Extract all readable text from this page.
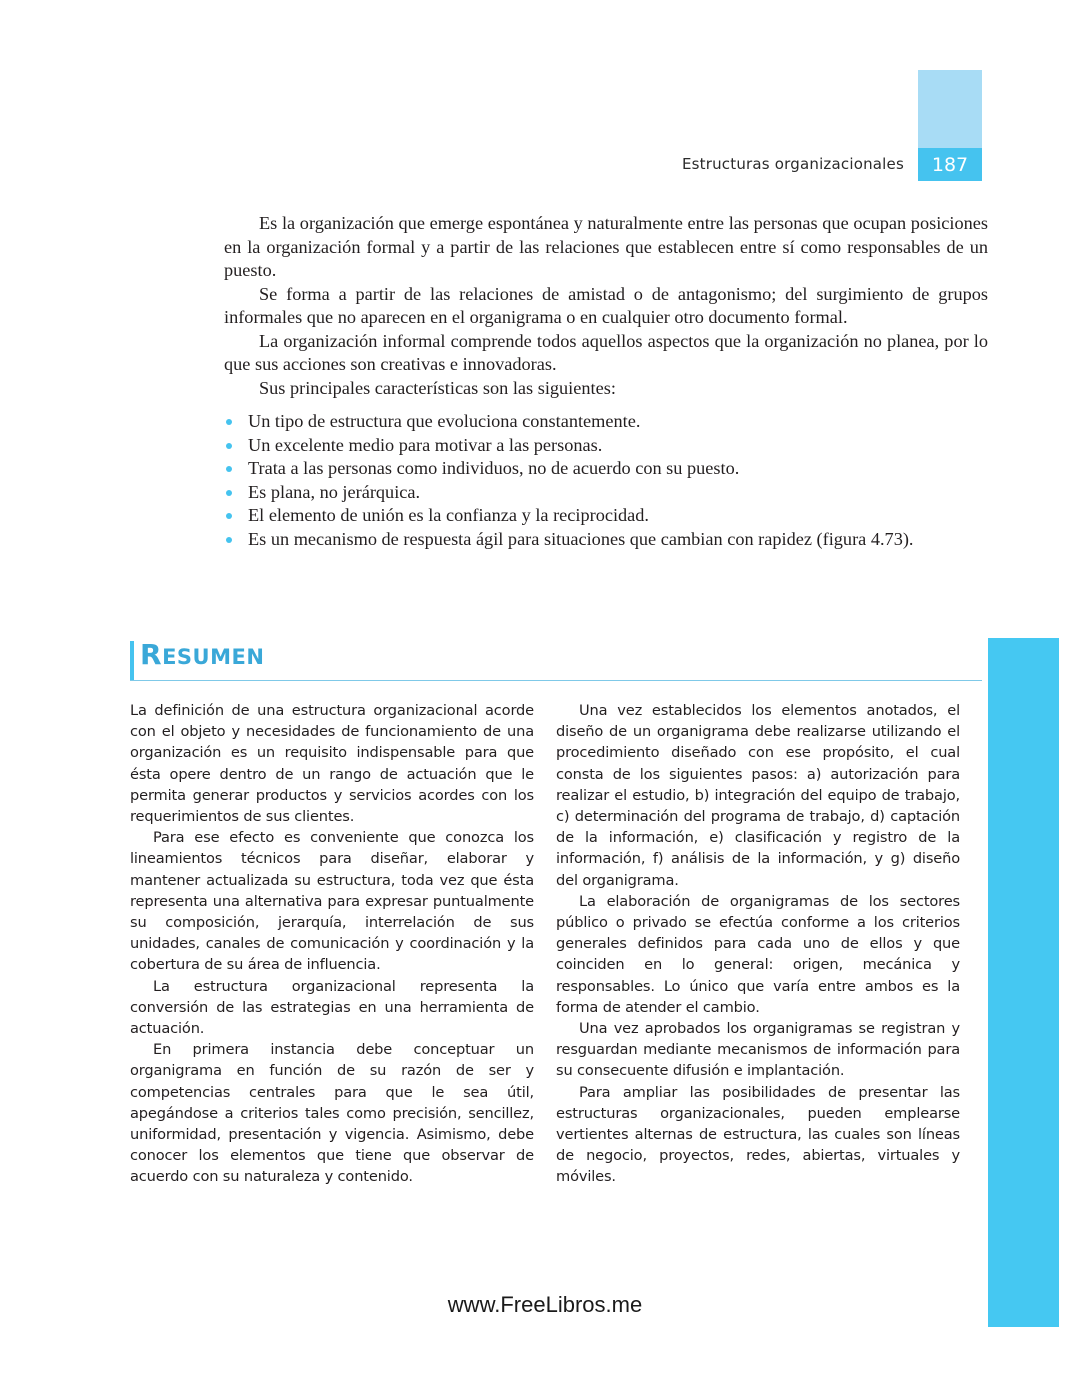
187
Estructuras organizacionales

Es la organización que emerge espontánea y naturalmente entre las personas que ocupan posiciones en la organización formal y a partir de las relaciones que establecen entre sí como responsables de un puesto.

Se forma a partir de las relaciones de amistad o de antagonismo; del surgimiento de grupos informales que no aparecen en el organigrama o en cualquier otro documento formal.

La organización informal comprende todos aquellos aspectos que la organización no planea, por lo que sus acciones son creativas e innovadoras.

Sus principales características son las siguientes:

Un tipo de estructura que evoluciona constantemente.
Un excelente medio para motivar a las personas.
Trata a las personas como individuos, no de acuerdo con su puesto.
Es plana, no jerárquica.
El elemento de unión es la confianza y la reciprocidad.
Es un mecanismo de respuesta ágil para situaciones que cambian con rapidez (figura 4.73).
RESUMEN

La definición de una estructura organizacional acorde con el objeto y necesidades de funcionamiento de una organización es un requisito indispensable para que ésta opere dentro de un rango de actuación que le permita generar productos y servicios acordes con los requerimientos de sus clientes.

Para ese efecto es conveniente que conozca los lineamientos técnicos para diseñar, elaborar y mantener actualizada su estructura, toda vez que ésta representa una alternativa para expresar puntualmente su composición, jerarquía, interrelación de sus unidades, canales de comunicación y coordinación y la cobertura de su área de influencia.

La estructura organizacional representa la conversión de las estrategias en una herramienta de actuación.

En primera instancia debe conceptuar un organigrama en función de su razón de ser y competencias centrales para que le sea útil, apegándose a criterios tales como precisión, sencillez, uniformidad, presentación y vigencia. Asimismo, debe conocer los elementos que tiene que observar de acuerdo con su naturaleza y contenido.

Una vez establecidos los elementos anotados, el diseño de un organigrama debe realizarse utilizando el procedimiento diseñado con ese propósito, el cual consta de los siguientes pasos: a) autorización para realizar el estudio, b) integración del equipo de trabajo, c) determinación del programa de trabajo, d) captación de la información, e) clasificación y registro de la información, f) análisis de la información, y g) diseño del organigrama.

La elaboración de organigramas de los sectores público o privado se efectúa conforme a los criterios generales definidos para cada uno de ellos y que coinciden en lo general: origen, mecánica y responsables. Lo único que varía entre ambos es la forma de atender el cambio.

Una vez aprobados los organigramas se registran y resguardan mediante mecanismos de información para su consecuente difusión e implantación.

Para ampliar las posibilidades de presentar las estructuras organizacionales, pueden emplearse vertientes alternas de estructura, las cuales son líneas de negocio, proyectos, redes, abiertas, virtuales y móviles.

www.FreeLibros.me
